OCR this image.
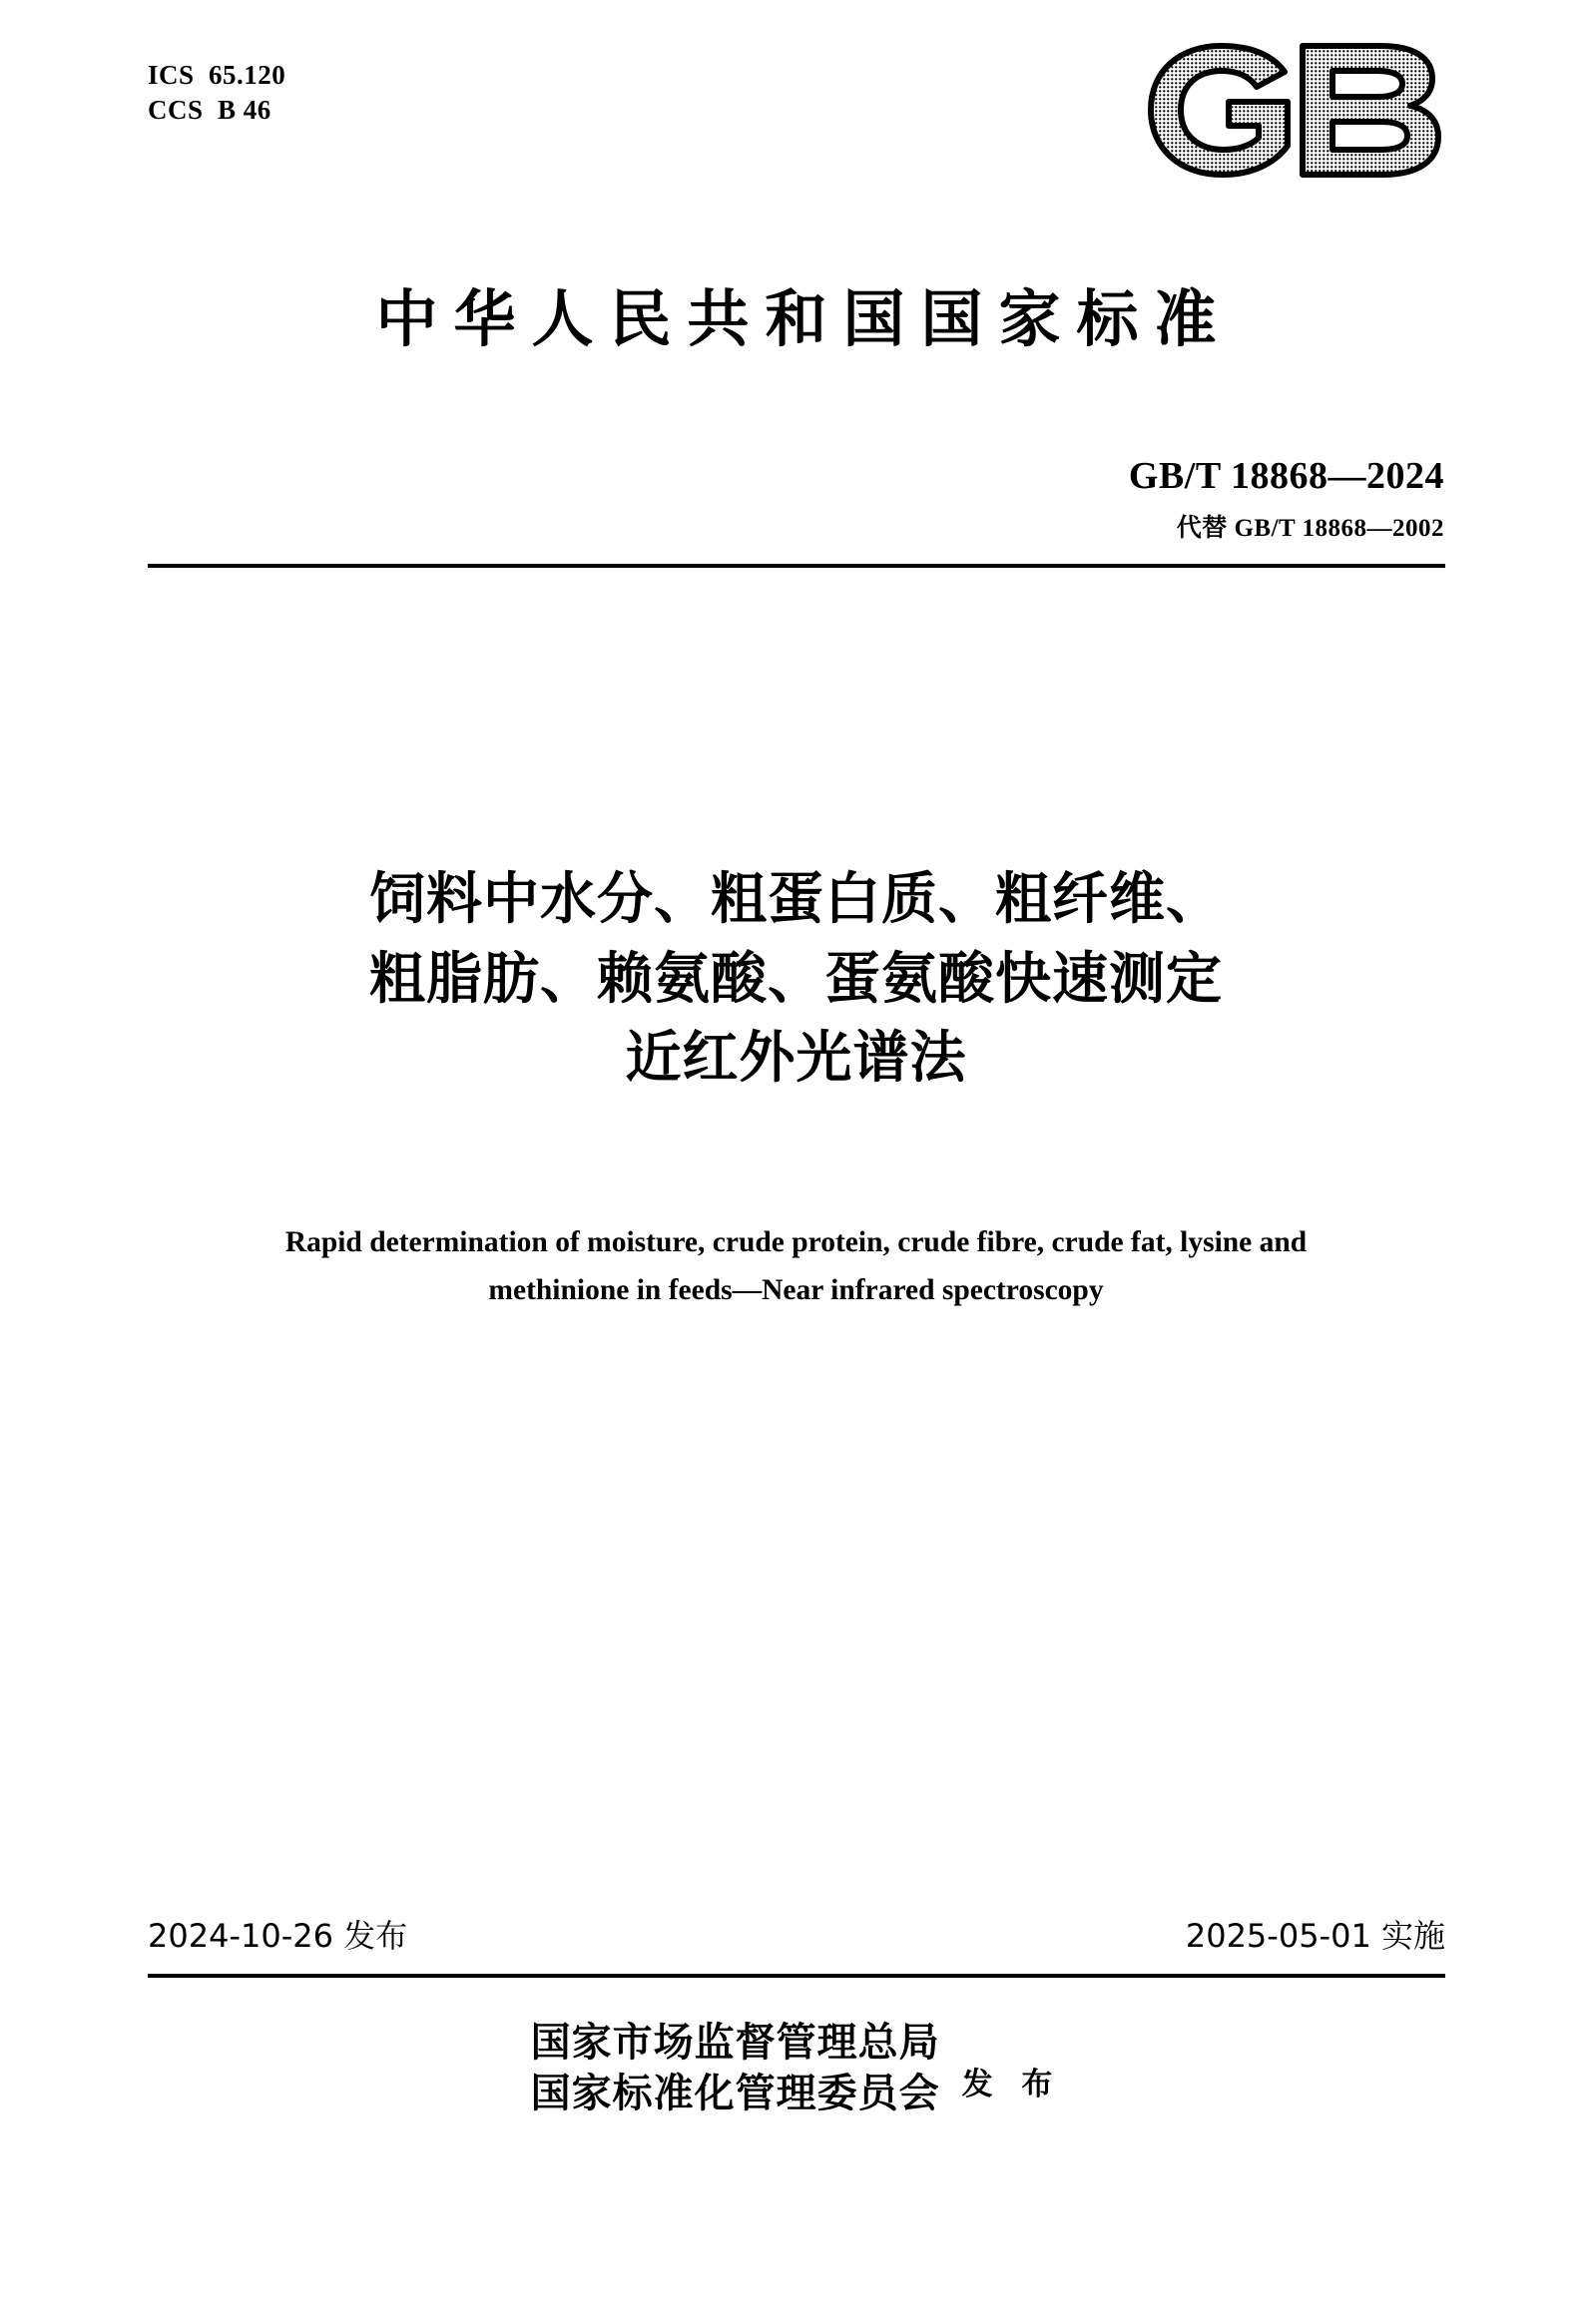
ICS  65.120
CCS  B 46
中华人民共和国国家标准
GB/T 18868—2024
代替 GB/T 18868—2002
饲料中水分、粗蛋白质、粗纤维、
粗脂肪、赖氨酸、蛋氨酸快速测定
近红外光谱法
Rapid determination of moisture, crude protein, crude fibre, crude fat, lysine and
methinione in feeds—Near infrared spectroscopy
2024-10-26 发布	2025-05-01 实施
国家市场监督管理总局
国家标准化管理委员会 发 布
